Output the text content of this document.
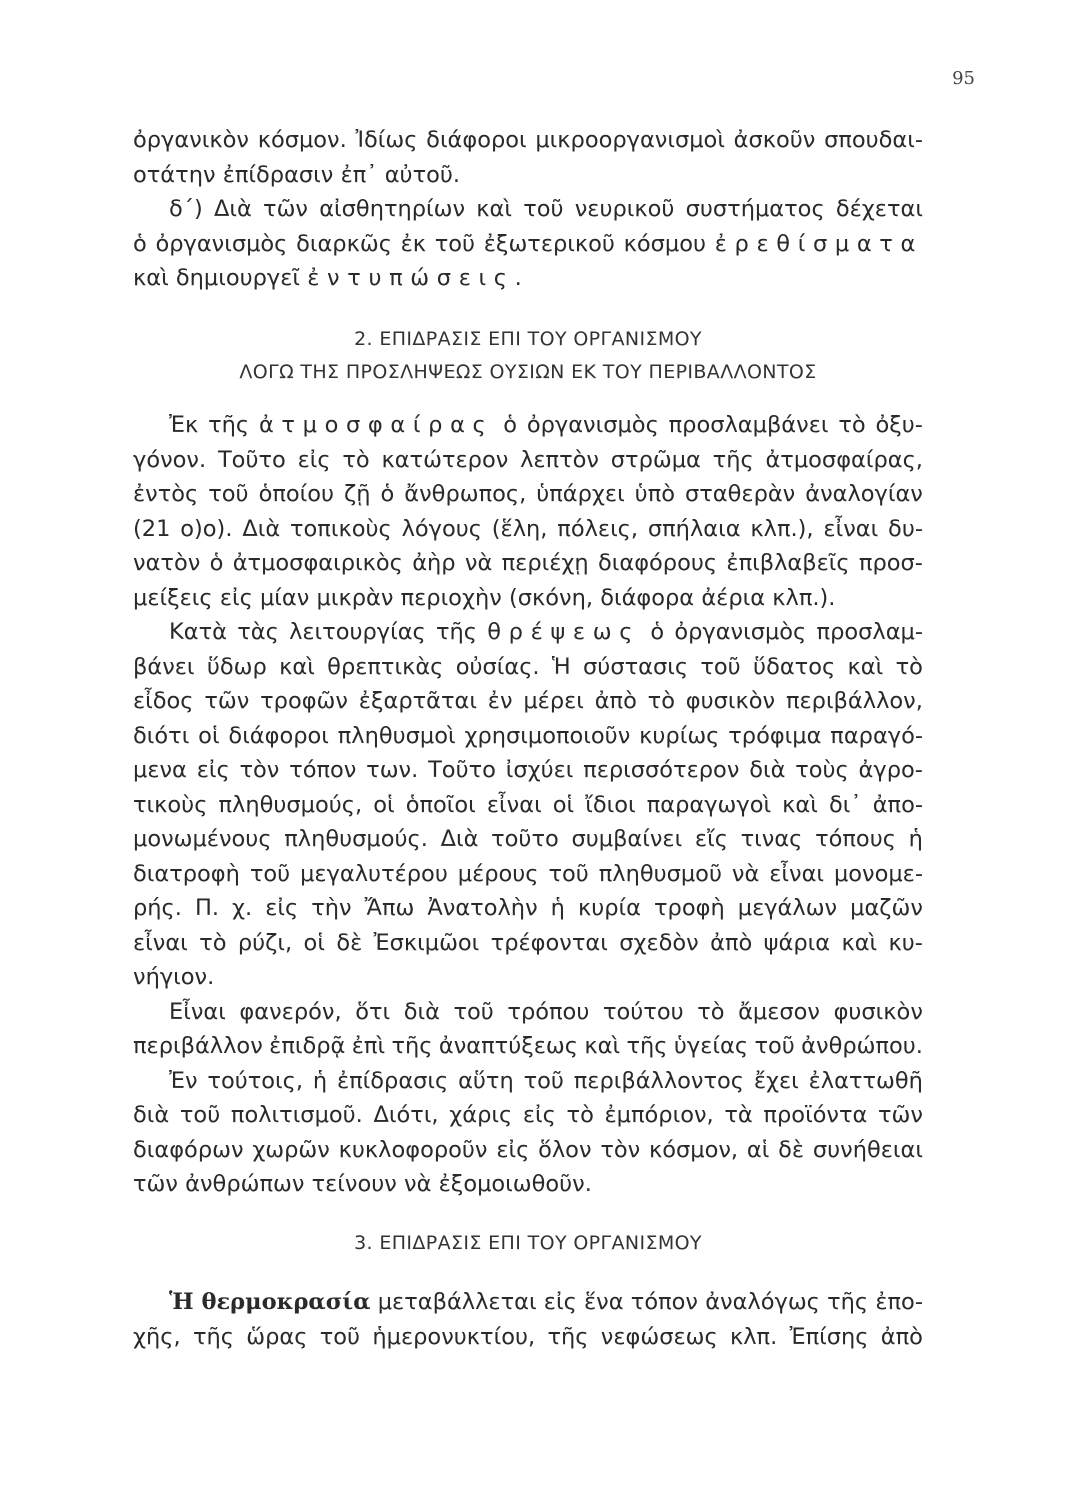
95
ὀργανικὸν κόσμον. Ἰδίως διάφοροι μικροοργανισμοὶ ἀσκοῦν σπουδαι-
οτάτην ἐπίδρασιν ἐπ᾽ αὐτοῦ.
δ΄) Διὰ τῶν αἰσθητηρίων καὶ τοῦ νευρικοῦ συστήματος δέχεται
ὁ ὀργανισμὸς διαρκῶς ἐκ τοῦ ἐξωτερικοῦ κόσμου ἐρεθίσματα
καὶ δημιουργεῖ ἐντυπώσεις.
2. ΕΠΙΔΡΑΣΙΣ ΕΠΙ ΤΟΥ ΟΡΓΑΝΙΣΜΟΥ
ΛΟΓΩ ΤΗΣ ΠΡΟΣΛΗΨΕΩΣ ΟΥΣΙΩΝ ΕΚ ΤΟΥ ΠΕΡΙΒΑΛΛΟΝΤΟΣ
Ἐκ τῆς ἀτμοσφαίρας ὁ ὀργανισμὸς προσλαμβάνει τὸ ὀξυ-
γόνον. Τοῦτο εἰς τὸ κατώτερον λεπτὸν στρῶμα τῆς ἀτμοσφαίρας,
ἐντὸς τοῦ ὁποίου ζῇ ὁ ἄνθρωπος, ὑπάρχει ὑπὸ σταθερὰν ἀναλογίαν
(21 ο)ο). Διὰ τοπικοὺς λόγους (ἕλη, πόλεις, σπήλαια κλπ.), εἶναι δυ-
νατὸν ὁ ἀτμοσφαιρικὸς ἀὴρ νὰ περιέχῃ διαφόρους ἐπιβλαβεῖς προσ-
μείξεις εἰς μίαν μικρὰν περιοχὴν (σκόνη, διάφορα ἀέρια κλπ.).
Κατὰ τὰς λειτουργίας τῆς θρέψεως ὁ ὀργανισμὸς προσλαμ-
βάνει ὕδωρ καὶ θρεπτικὰς οὐσίας. Ἡ σύστασις τοῦ ὕδατος καὶ τὸ
εἶδος τῶν τροφῶν ἐξαρτᾶται ἐν μέρει ἀπὸ τὸ φυσικὸν περιβάλλον,
διότι οἱ διάφοροι πληθυσμοὶ χρησιμοποιοῦν κυρίως τρόφιμα παραγό-
μενα εἰς τὸν τόπον των. Τοῦτο ἰσχύει περισσότερον διὰ τοὺς ἀγρο-
τικοὺς πληθυσμούς, οἱ ὁποῖοι εἶναι οἱ ἴδιοι παραγωγοὶ καὶ δι᾽ ἀπο-
μονωμένους πληθυσμούς. Διὰ τοῦτο συμβαίνει εἴς τινας τόπους ἡ
διατροφὴ τοῦ μεγαλυτέρου μέρους τοῦ πληθυσμοῦ νὰ εἶναι μονομε-
ρής. Π. χ. εἰς τὴν Ἄπω Ἀνατολὴν ἡ κυρία τροφὴ μεγάλων μαζῶν
εἶναι τὸ ρύζι, οἱ δὲ Ἐσκιμῶοι τρέφονται σχεδὸν ἀπὸ ψάρια καὶ κυ-
νήγιον.
Εἶναι φανερόν, ὅτι διὰ τοῦ τρόπου τούτου τὸ ἄμεσον φυσικὸν
περιβάλλον ἐπιδρᾷ ἐπὶ τῆς ἀναπτύξεως καὶ τῆς ὑγείας τοῦ ἀνθρώπου.
Ἐν τούτοις, ἡ ἐπίδρασις αὕτη τοῦ περιβάλλοντος ἔχει ἐλαττωθῆ
διὰ τοῦ πολιτισμοῦ. Διότι, χάρις εἰς τὸ ἐμπόριον, τὰ προϊόντα τῶν
διαφόρων χωρῶν κυκλοφοροῦν εἰς ὅλον τὸν κόσμον, αἱ δὲ συνήθειαι
τῶν ἀνθρώπων τείνουν νὰ ἐξομοιωθοῦν.
3. ΕΠΙΔΡΑΣΙΣ ΕΠΙ ΤΟΥ ΟΡΓΑΝΙΣΜΟΥ
Ἡ θερμοκρασία μεταβάλλεται εἰς ἕνα τόπον ἀναλόγως τῆς ἐπο-
χῆς, τῆς ὥρας τοῦ ἡμερονυκτίου, τῆς νεφώσεως κλπ. Ἐπίσης ἀπὸ
